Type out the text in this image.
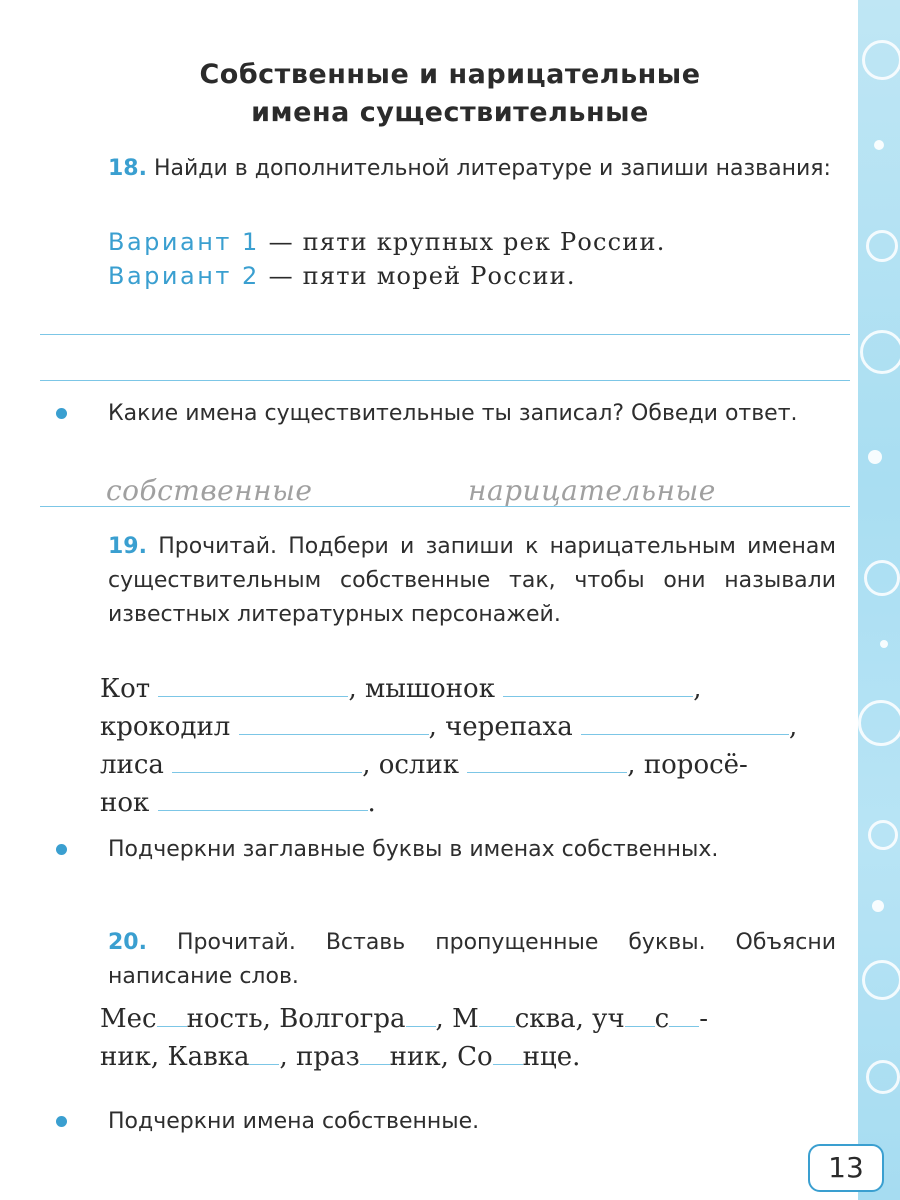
Собственные и нарицательные
имена существительные
18. Найди в дополнительной литературе и запиши названия:
Вариант 1 — пяти крупных рек России.
Вариант 2 — пяти морей России.
Какие имена существительные ты записал? Обведи ответ.
собственные	нарицательные
19. Прочитай. Подбери и запиши к нарицательным именам существительным собственные так, чтобы они называли известных литературных персонажей.
Кот	, мышонок	,
крокодил	, черепаха	,
лиса	, ослик	, поросё-
нок	.
Подчеркни заглавные буквы в именах собственных.
20. Прочитай. Вставь пропущенные буквы. Объясни написание слов.
Мес ность, Волгогра , М сква, уч с -
ник, Кавка , праз ник, Со нце.
Подчеркни имена собственные.
13
